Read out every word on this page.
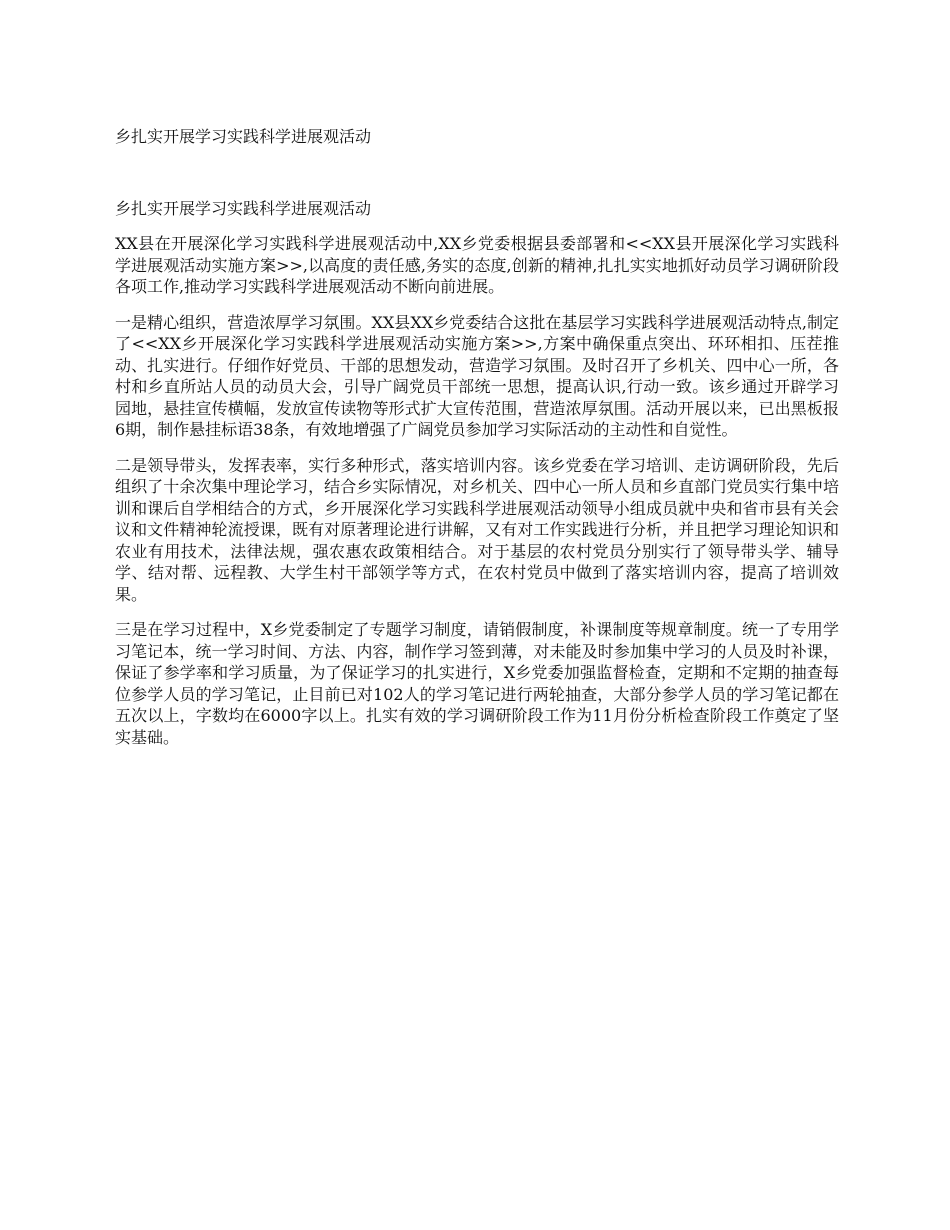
乡扎实开展学习实践科学进展观活动
乡扎实开展学习实践科学进展观活动

XX县在开展深化学习实践科学进展观活动中,XX乡党委根据县委部署和<<XX县开展深化学习实践科学进展观活动实施方案>>,以高度的责任感,务实的态度,创新的精神,扎扎实实地抓好动员学习调研阶段各项工作,推动学习实践科学进展观活动不断向前进展。

一是精心组织，营造浓厚学习氛围。XX县XX乡党委结合这批在基层学习实践科学进展观活动特点,制定了<<XX乡开展深化学习实践科学进展观活动实施方案>>,方案中确保重点突出、环环相扣、压茬推动、扎实进行。仔细作好党员、干部的思想发动，营造学习氛围。及时召开了乡机关、四中心一所，各村和乡直所站人员的动员大会，引导广阔党员干部统一思想，提高认识,行动一致。该乡通过开辟学习园地，悬挂宣传横幅，发放宣传读物等形式扩大宣传范围，营造浓厚氛围。活动开展以来，已出黑板报6期，制作悬挂标语38条，有效地增强了广阔党员参加学习实际活动的主动性和自觉性。

二是领导带头，发挥表率，实行多种形式，落实培训内容。该乡党委在学习培训、走访调研阶段，先后组织了十余次集中理论学习，结合乡实际情况，对乡机关、四中心一所人员和乡直部门党员实行集中培训和课后自学相结合的方式，乡开展深化学习实践科学进展观活动领导小组成员就中央和省市县有关会议和文件精神轮流授课，既有对原著理论进行讲解，又有对工作实践进行分析，并且把学习理论知识和农业有用技术，法律法规，强农惠农政策相结合。对于基层的农村党员分别实行了领导带头学、辅导学、结对帮、远程教、大学生村干部领学等方式，在农村党员中做到了落实培训内容，提高了培训效果。

三是在学习过程中，X乡党委制定了专题学习制度，请销假制度，补课制度等规章制度。统一了专用学习笔记本，统一学习时间、方法、内容，制作学习签到薄，对未能及时参加集中学习的人员及时补课，保证了参学率和学习质量，为了保证学习的扎实进行，X乡党委加强监督检查，定期和不定期的抽查每位参学人员的学习笔记，止目前已对102人的学习笔记进行两轮抽查，大部分参学人员的学习笔记都在五次以上，字数均在6000字以上。扎实有效的学习调研阶段工作为11月份分析检查阶段工作奠定了坚实基础。
